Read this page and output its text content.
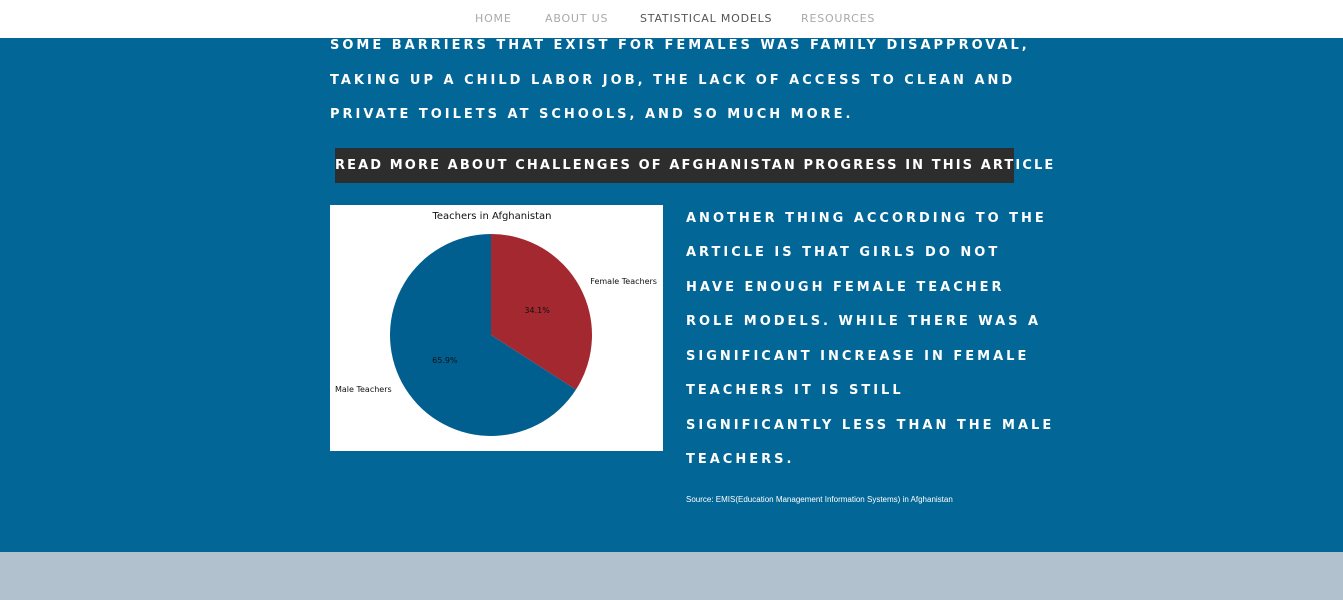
HOME	ABOUT US	STATISTICAL MODELS	RESOURCES
SOME BARRIERS THAT EXIST FOR FEMALES WAS FAMILY DISAPPROVAL,
TAKING UP A CHILD LABOR JOB, THE LACK OF ACCESS TO CLEAN AND
PRIVATE TOILETS AT SCHOOLS, AND SO MUCH MORE.
READ MORE ABOUT CHALLENGES OF AFGHANISTAN PROGRESS IN THIS ARTICLE
Teachers in Afghanistan
34.1%
Female Teachers
65.9%
Male Teachers
ANOTHER THING ACCORDING TO THE
ARTICLE IS THAT GIRLS DO NOT
HAVE ENOUGH FEMALE TEACHER
ROLE MODELS. WHILE THERE WAS A
SIGNIFICANT INCREASE IN FEMALE
TEACHERS IT IS STILL
SIGNIFICANTLY LESS THAN THE MALE
TEACHERS.
Source: EMIS(Education Management Information Systems) in Afghanistan
